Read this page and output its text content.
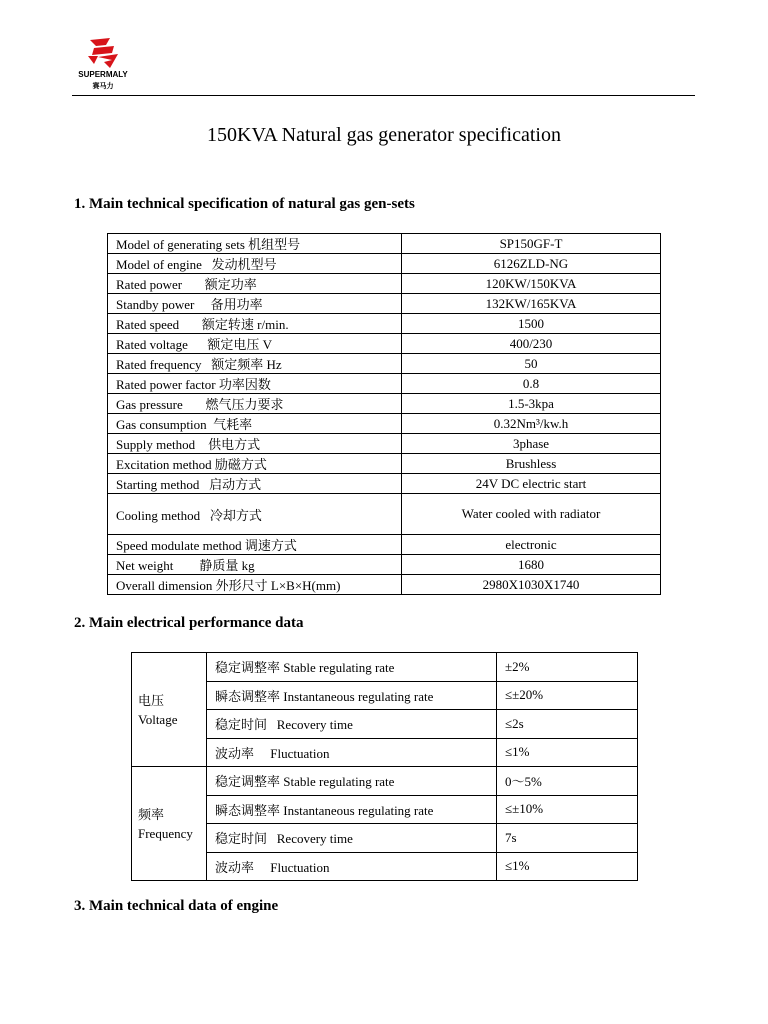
SUPERMALY
赛马力
150KVA Natural gas generator specification
1. Main technical specification of natural gas gen-sets
Model of generating sets 机组型号	SP150GF-T
Model of engine   发动机型号	6126ZLD-NG
Rated power       额定功率	120KW/150KVA
Standby power     备用功率	132KW/165KVA
Rated speed       额定转速 r/min.	1500
Rated voltage      额定电压 V	400/230
Rated frequency   额定频率 Hz	50
Rated power factor 功率因数	0.8
Gas pressure       燃气压力要求	1.5-3kpa
Gas consumption  气耗率	0.32Nm³/kw.h
Supply method    供电方式	3phase
Excitation method 励磁方式	Brushless
Starting method   启动方式	24V DC electric start
Cooling method   冷却方式	Water cooled with radiator
Speed modulate method 调速方式	electronic
Net weight        静质量 kg	1680
Overall dimension 外形尺寸 L×B×H(mm)	2980X1030X1740
2. Main electrical performance data
电压
Voltage	稳定调整率 Stable regulating rate	±2%
	瞬态调整率 Instantaneous regulating rate	≤±20%
	稳定时间   Recovery time	≤2s
	波动率     Fluctuation	≤1%

频率
Frequency	稳定调整率 Stable regulating rate	0～5%
	瞬态调整率 Instantaneous regulating rate	≤±10%
	稳定时间   Recovery time	7s
	波动率     Fluctuation	≤1%
3. Main technical data of engine
